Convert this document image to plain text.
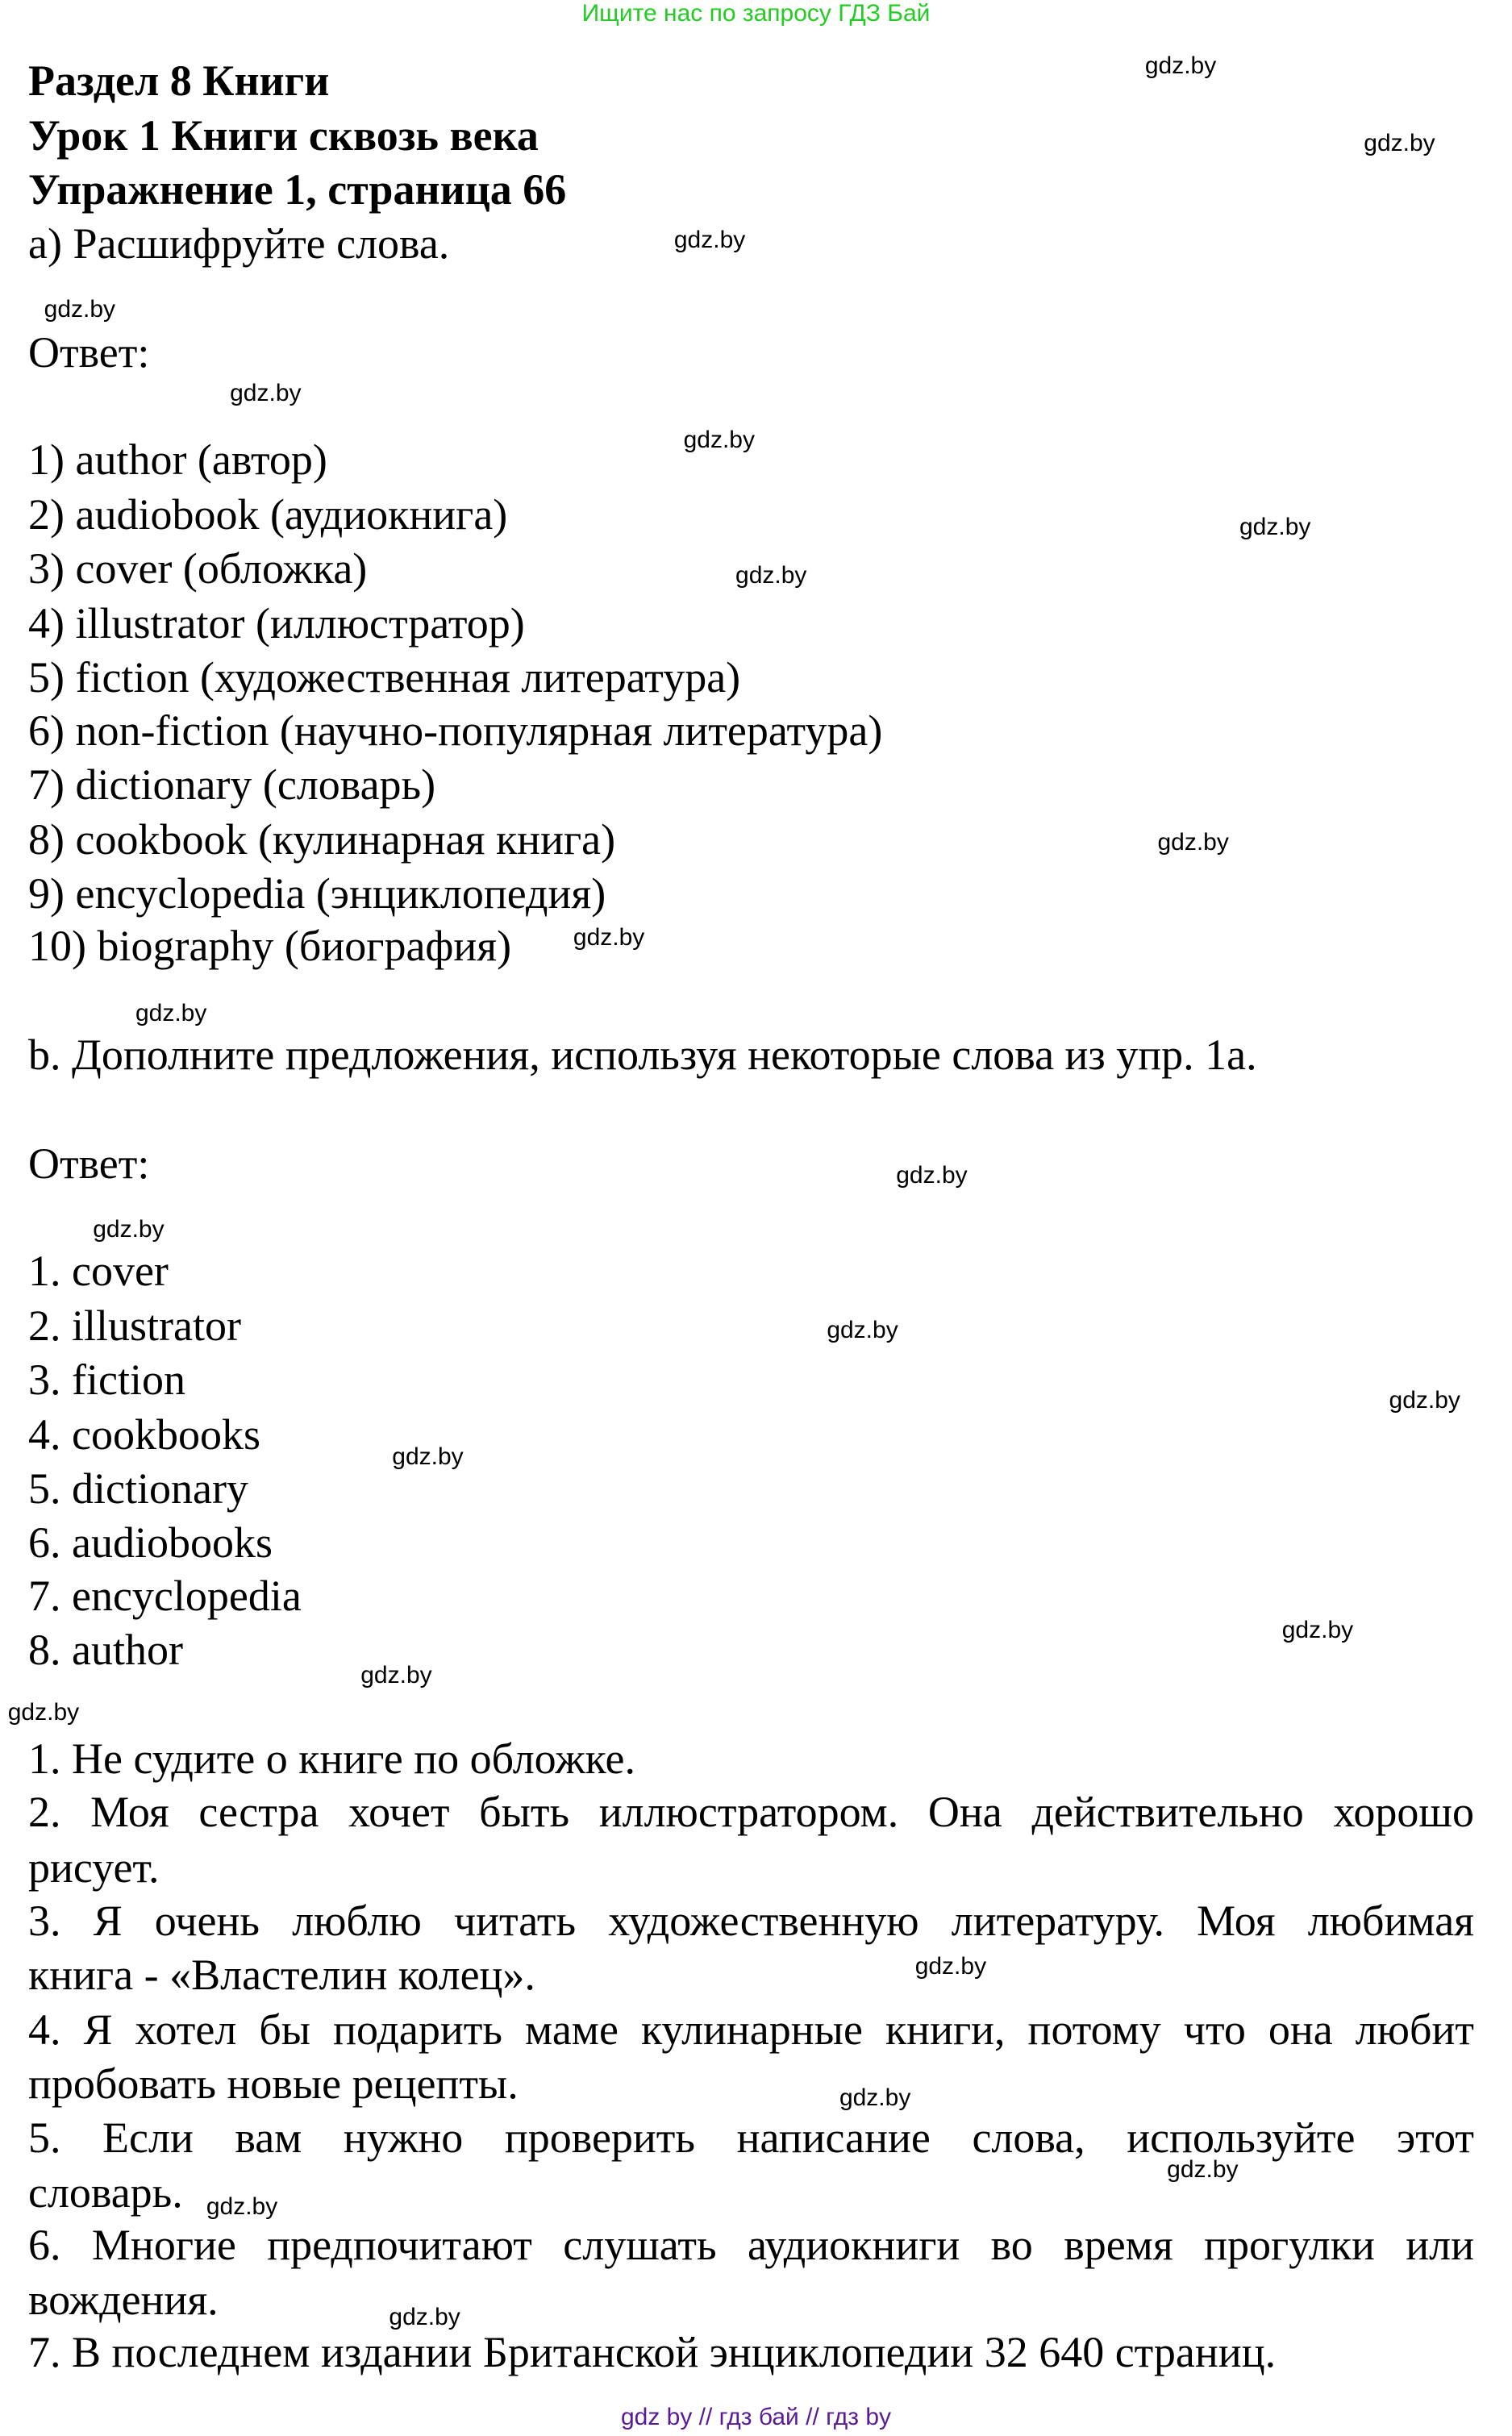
Ищите нас по запросу ГДЗ Бай
Раздел 8 Книги
Урок 1 Книги сквозь века
Упражнение 1, страница 66
а) Расшифруйте слова.
Ответ:
1) author (автор)
2) audiobook (аудиокнига)
3) cover (обложка)
4) illustrator (иллюстратор)
5) fiction (художественная литература)
6) non-fiction (научно-популярная литература)
7) dictionary (словарь)
8) cookbook (кулинарная книга)
9) encyclopedia (энциклопедия)
10) biography (биография)
b. Дополните предложения, используя некоторые слова из упр. 1a.
Ответ:
1. cover
2. illustrator
3. fiction
4. cookbooks
5. dictionary
6. audiobooks
7. encyclopedia
8. author
1. Не судите о книге по обложке.
2. Моя сестра хочет быть иллюстратором. Она действительно хорошо
рисует.
3. Я очень люблю читать художественную литературу. Моя любимая
книга - «Властелин колец».
4. Я хотел бы подарить маме кулинарные книги, потому что она любит
пробовать новые рецепты.
5. Если вам нужно проверить написание слова, используйте этот
словарь.
6. Многие предпочитают слушать аудиокниги во время прогулки или
вождения.
7. В последнем издании Британской энциклопедии 32 640 страниц.
gdz.by
gdz.by
gdz.by
gdz.by
gdz.by
gdz.by
gdz.by
gdz.by
gdz.by
gdz.by
gdz.by
gdz.by
gdz.by
gdz.by
gdz.by
gdz.by
gdz.by
gdz.by
gdz.by
gdz.by
gdz.by
gdz.by
gdz.by
gdz.by
gdz by // гдз бай // гдз by
